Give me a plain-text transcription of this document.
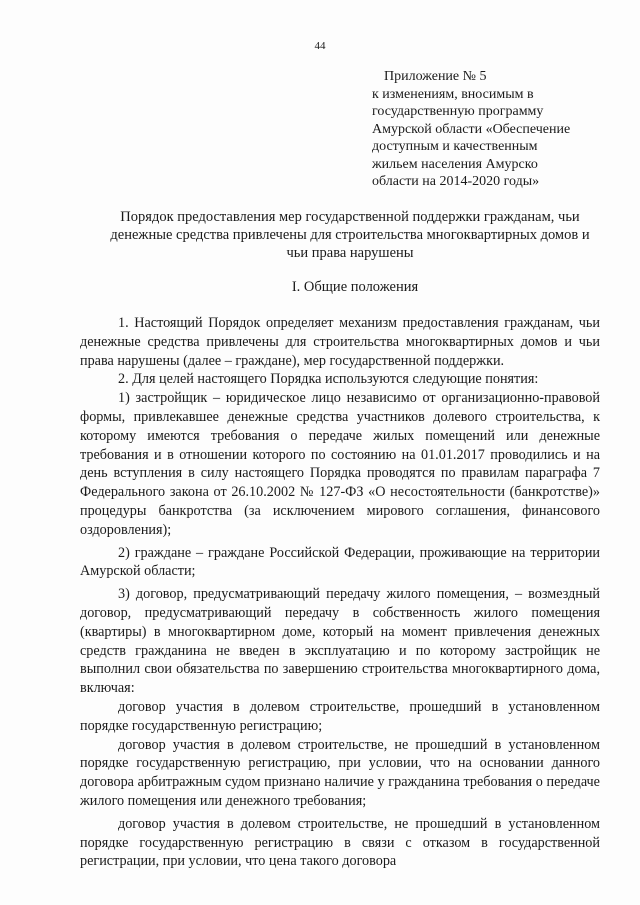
44
Приложение № 5
к изменениям, вносимым в
государственную программу
Амурской области «Обеспечение
доступным и качественным
жильем населения Амурско
области на 2014-2020 годы»
Порядок предоставления мер государственной поддержки гражданам, чьи денежные средства привлечены для строительства многоквартирных домов и чьи права нарушены
I. Общие положения

1. Настоящий Порядок определяет механизм предоставления гражданам, чьи денежные средства привлечены для строительства многоквартирных домов и чьи права нарушены (далее – граждане), мер государственной поддержки.

2. Для целей настоящего Порядка используются следующие понятия:

1) застройщик – юридическое лицо независимо от организационно-правовой формы, привлекавшее денежные средства участников долевого строительства, к которому имеются требования о передаче жилых помещений или денежные требования и в отношении которого по состоянию на 01.01.2017 проводились и на день вступления в силу настоящего Порядка проводятся по правилам параграфа 7 Федерального закона от 26.10.2002 № 127-ФЗ «О несостоятельности (банкротстве)» процедуры банкротства (за исключением мирового соглашения, финансового оздоровления);

2) граждане – граждане Российской Федерации, проживающие на территории Амурской области;

3) договор, предусматривающий передачу жилого помещения, – возмездный договор, предусматривающий передачу в собственность жилого помещения (квартиры) в многоквартирном доме, который на момент привлечения денежных средств гражданина не введен в эксплуатацию и по которому застройщик не выполнил свои обязательства по завершению строительства многоквартирного дома, включая:

договор участия в долевом строительстве, прошедший в установленном порядке государственную регистрацию;

договор участия в долевом строительстве, не прошедший в установленном порядке государственную регистрацию, при условии, что на основании данного договора арбитражным судом признано наличие у гражданина требования о передаче жилого помещения или денежного требования;

договор участия в долевом строительстве, не прошедший в установленном порядке государственную регистрацию в связи с отказом в государственной регистрации, при условии, что цена такого договора
